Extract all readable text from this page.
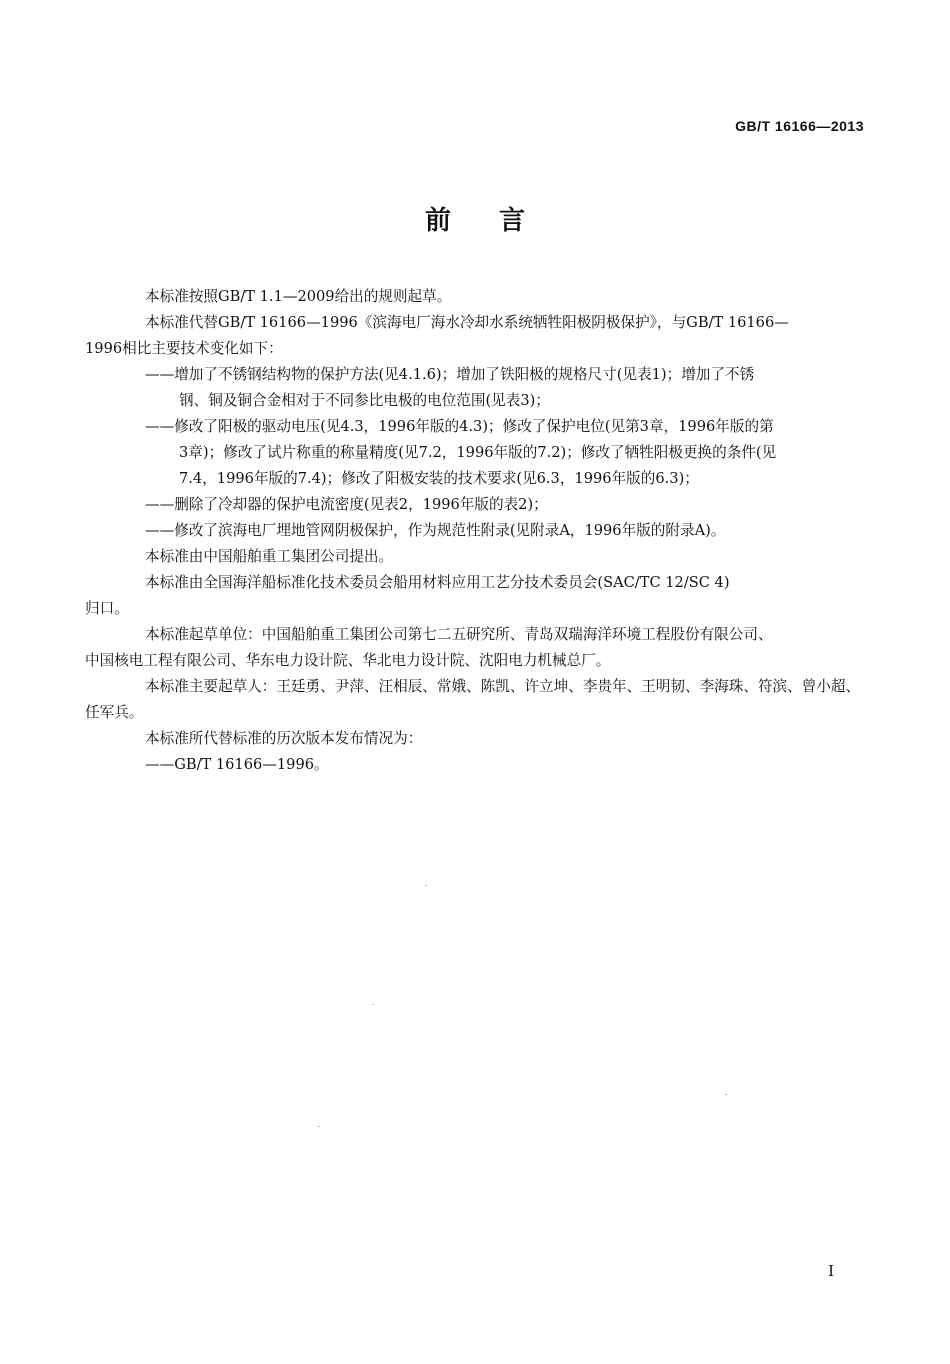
GB/T 16166—2013
前言

本标准按照GB/T 1.1—2009给出的规则起草。

本标准代替GB/T 16166—1996《滨海电厂海水冷却水系统牺牲阳极阴极保护》，与GB/T 16166—
1996相比主要技术变化如下：

——增加了不锈钢结构物的保护方法(见4.1.6)；增加了铁阳极的规格尺寸(见表1)；增加了不锈
钢、铜及铜合金相对于不同参比电极的电位范围(见表3)；

——修改了阳极的驱动电压(见4.3，1996年版的4.3)；修改了保护电位(见第3章，1996年版的第
3章)；修改了试片称重的称量精度(见7.2，1996年版的7.2)；修改了牺牲阳极更换的条件(见
7.4，1996年版的7.4)；修改了阳极安装的技术要求(见6.3，1996年版的6.3)；

——删除了冷却器的保护电流密度(见表2，1996年版的表2)；

——修改了滨海电厂埋地管网阴极保护，作为规范性附录(见附录A，1996年版的附录A)。

本标准由中国船舶重工集团公司提出。

本标准由全国海洋船标准化技术委员会船用材料应用工艺分技术委员会(SAC/TC 12/SC 4)
归口。

本标准起草单位：中国船舶重工集团公司第七二五研究所、青岛双瑞海洋环境工程股份有限公司、
中国核电工程有限公司、华东电力设计院、华北电力设计院、沈阳电力机械总厂。

本标准主要起草人：王廷勇、尹萍、汪相辰、常娥、陈凯、许立坤、李贵年、王明韧、李海珠、符滨、曾小超、
任军兵。

本标准所代替标准的历次版本发布情况为：

——GB/T 16166—1996。

I
